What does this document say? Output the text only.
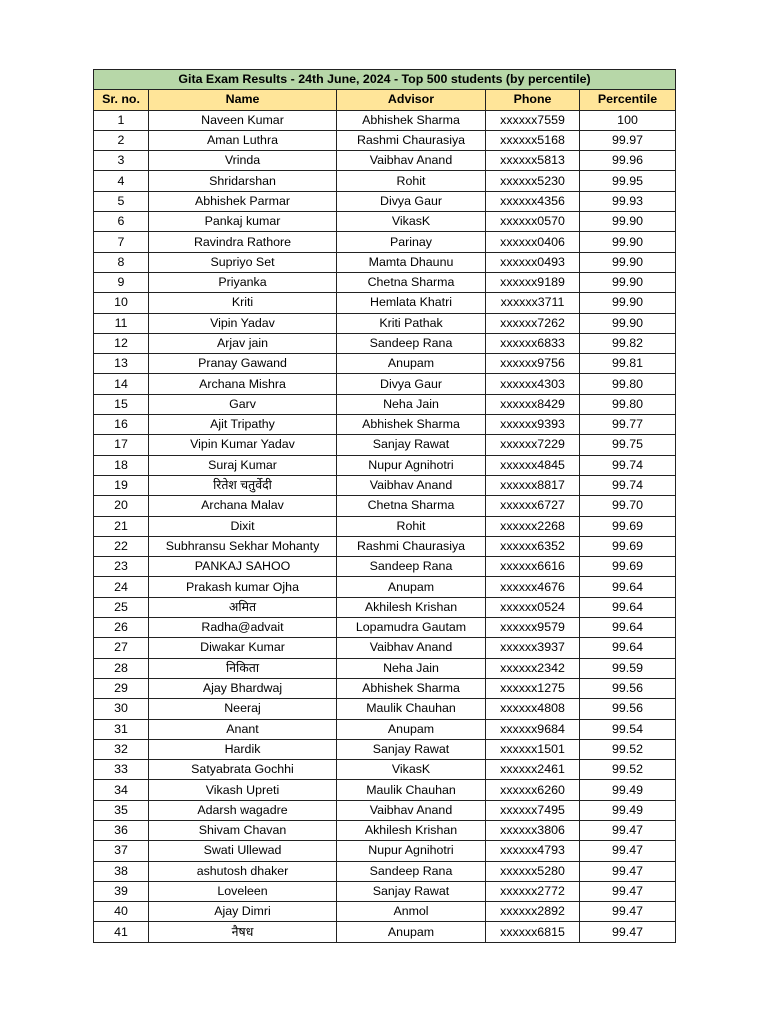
Gita Exam Results - 24th June, 2024 - Top 500 students (by percentile)				
Sr. no.	Name	Advisor	Phone	Percentile
1	Naveen Kumar	Abhishek Sharma	xxxxxx7559	100
2	Aman Luthra	Rashmi Chaurasiya	xxxxxx5168	99.97
3	Vrinda	Vaibhav Anand	xxxxxx5813	99.96
4	Shridarshan	Rohit	xxxxxx5230	99.95
5	Abhishek Parmar	Divya Gaur	xxxxxx4356	99.93
6	Pankaj kumar	VikasK	xxxxxx0570	99.90
7	Ravindra Rathore	Parinay	xxxxxx0406	99.90
8	Supriyo Set	Mamta Dhaunu	xxxxxx0493	99.90
9	Priyanka	Chetna Sharma	xxxxxx9189	99.90
10	Kriti	Hemlata Khatri	xxxxxx3711	99.90
11	Vipin Yadav	Kriti Pathak	xxxxxx7262	99.90
12	Arjav jain	Sandeep Rana	xxxxxx6833	99.82
13	Pranay Gawand	Anupam	xxxxxx9756	99.81
14	Archana Mishra	Divya Gaur	xxxxxx4303	99.80
15	Garv	Neha Jain	xxxxxx8429	99.80
16	Ajit Tripathy	Abhishek Sharma	xxxxxx9393	99.77
17	Vipin Kumar Yadav	Sanjay Rawat	xxxxxx7229	99.75
18	Suraj Kumar	Nupur Agnihotri	xxxxxx4845	99.74
19	रितेश चतुर्वेदी	Vaibhav Anand	xxxxxx8817	99.74
20	Archana Malav	Chetna Sharma	xxxxxx6727	99.70
21	Dixit	Rohit	xxxxxx2268	99.69
22	Subhransu Sekhar Mohanty	Rashmi Chaurasiya	xxxxxx6352	99.69
23	PANKAJ SAHOO	Sandeep Rana	xxxxxx6616	99.69
24	Prakash kumar Ojha	Anupam	xxxxxx4676	99.64
25	अमित	Akhilesh Krishan	xxxxxx0524	99.64
26	Radha@advait	Lopamudra Gautam	xxxxxx9579	99.64
27	Diwakar Kumar	Vaibhav Anand	xxxxxx3937	99.64
28	निकिता	Neha Jain	xxxxxx2342	99.59
29	Ajay Bhardwaj	Abhishek Sharma	xxxxxx1275	99.56
30	Neeraj	Maulik Chauhan	xxxxxx4808	99.56
31	Anant	Anupam	xxxxxx9684	99.54
32	Hardik	Sanjay Rawat	xxxxxx1501	99.52
33	Satyabrata Gochhi	VikasK	xxxxxx2461	99.52
34	Vikash Upreti	Maulik Chauhan	xxxxxx6260	99.49
35	Adarsh wagadre	Vaibhav Anand	xxxxxx7495	99.49
36	Shivam Chavan	Akhilesh Krishan	xxxxxx3806	99.47
37	Swati Ullewad	Nupur Agnihotri	xxxxxx4793	99.47
38	ashutosh dhaker	Sandeep Rana	xxxxxx5280	99.47
39	Loveleen	Sanjay Rawat	xxxxxx2772	99.47
40	Ajay Dimri	Anmol	xxxxxx2892	99.47
41	नैषध	Anupam	xxxxxx6815	99.47
